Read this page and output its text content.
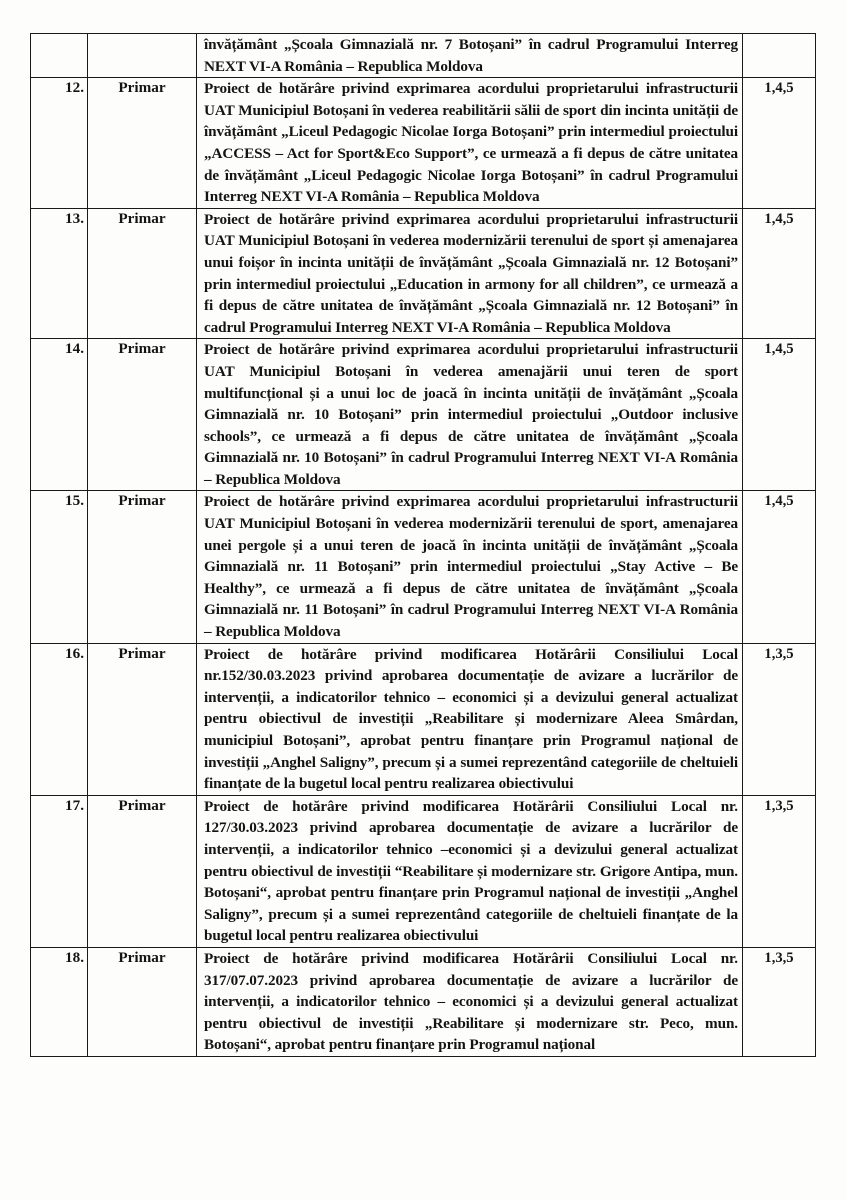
		învățământ „Școala Gimnazială nr. 7 Botoșani” în cadrul Programului Interreg NEXT VI-A România – Republica Moldova	

12.	Primar	Proiect de hotărâre privind exprimarea acordului proprietarului infrastructurii UAT Municipiul Botoșani în vederea reabilitării sălii de sport din incinta unității de învățământ „Liceul Pedagogic Nicolae Iorga Botoșani” prin intermediul proiectului „ACCESS – Act for Sport&Eco Support”, ce urmează a fi depus de către unitatea de învățământ „Liceul Pedagogic Nicolae Iorga Botoșani” în cadrul Programului Interreg NEXT VI-A România – Republica Moldova	1,4,5
13.	Primar	Proiect de hotărâre privind exprimarea acordului proprietarului infrastructurii UAT Municipiul Botoșani în vederea modernizării terenului de sport și amenajarea unui foișor în incinta unității de învățământ „Școala Gimnazială nr. 12 Botoșani” prin intermediul proiectului „Education in armony for all children”, ce urmează a fi depus de către unitatea de învățământ „Școala Gimnazială nr. 12 Botoșani” în cadrul Programului Interreg NEXT VI-A România – Republica Moldova	1,4,5
14.	Primar	Proiect de hotărâre privind exprimarea acordului proprietarului infrastructurii UAT Municipiul Botoșani în vederea amenajării unui teren de sport multifuncțional și a unui loc de joacă în incinta unității de învățământ „Școala Gimnazială nr. 10 Botoșani” prin intermediul proiectului „Outdoor inclusive schools”, ce urmează a fi depus de către unitatea de învățământ „Școala Gimnazială nr. 10 Botoșani” în cadrul Programului Interreg NEXT VI-A România – Republica Moldova	1,4,5
15.	Primar	Proiect de hotărâre privind exprimarea acordului proprietarului infrastructurii UAT Municipiul Botoșani în vederea modernizării terenului de sport, amenajarea unei pergole și a unui teren de joacă în incinta unității de învățământ „Școala Gimnazială nr. 11 Botoșani” prin intermediul proiectului „Stay Active – Be Healthy”, ce urmează a fi depus de către unitatea de învățământ „Școala Gimnazială nr. 11 Botoșani” în cadrul Programului Interreg NEXT VI-A România – Republica Moldova	1,4,5
16.	Primar	Proiect de hotărâre privind modificarea Hotărârii Consiliului Local nr.152/30.03.2023 privind aprobarea documentație de avizare a lucrărilor de intervenții, a indicatorilor tehnico – economici și a devizului general actualizat pentru obiectivul de investiții „Reabilitare și modernizare Aleea Smârdan, municipiul Botoșani”, aprobat pentru finanțare prin Programul național de investiții „Anghel Saligny”, precum și a sumei reprezentând categoriile de cheltuieli finanțate de la bugetul local pentru realizarea obiectivului	1,3,5
17.	Primar	Proiect de hotărâre privind modificarea Hotărârii Consiliului Local nr. 127/30.03.2023 privind aprobarea documentație de avizare a lucrărilor de intervenții, a indicatorilor tehnico –economici și a devizului general actualizat pentru obiectivul de investiții “Reabilitare și modernizare str. Grigore Antipa, mun. Botoșani“, aprobat pentru finanțare prin Programul național de investiții „Anghel Saligny”, precum și a sumei reprezentând categoriile de cheltuieli finanțate de la bugetul local pentru realizarea obiectivului	1,3,5
18.	Primar	Proiect de hotărâre privind modificarea Hotărârii Consiliului Local nr. 317/07.07.2023 privind aprobarea documentație de avizare a lucrărilor de intervenții, a indicatorilor tehnico – economici și a devizului general actualizat pentru obiectivul de investiții „Reabilitare și modernizare str. Peco, mun. Botoșani“, aprobat pentru finanțare prin Programul național	1,3,5
